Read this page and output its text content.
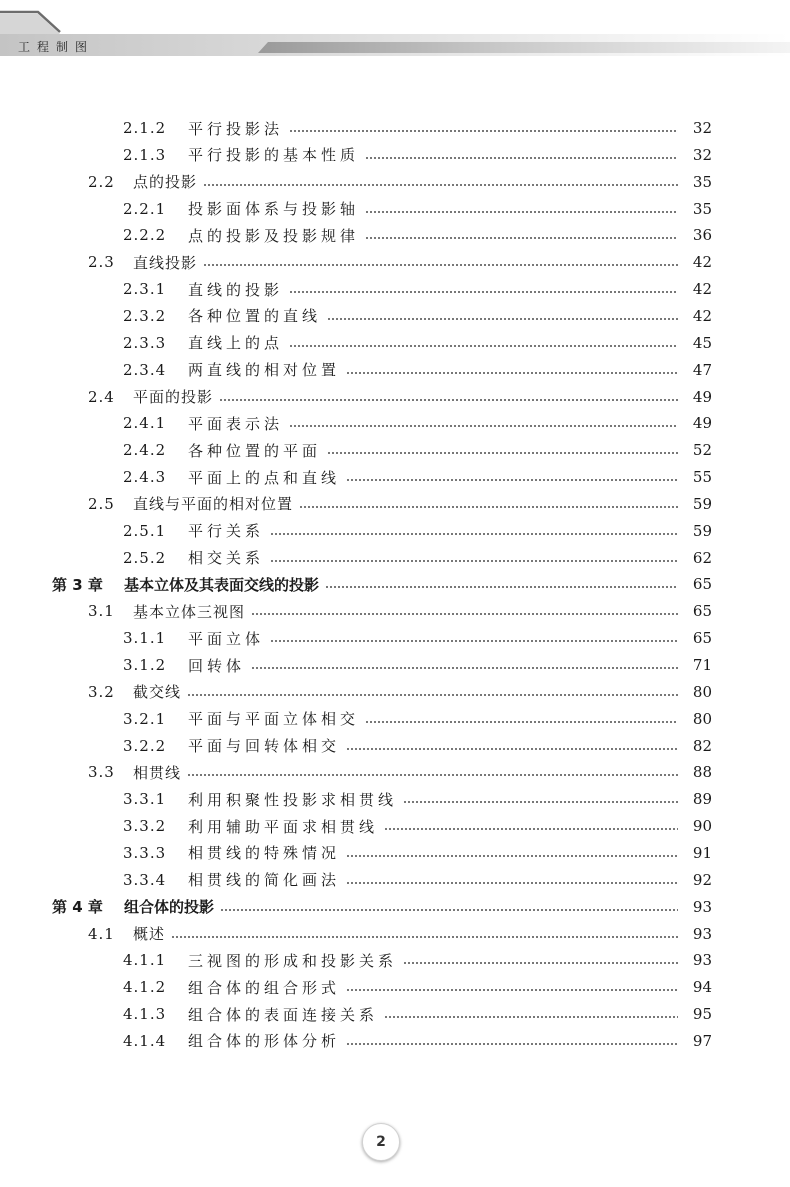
工程制图
2.1.2	平行投影法	32
2.1.3	平行投影的基本性质	32
2.2	点的投影	35
2.2.1	投影面体系与投影轴	35
2.2.2	点的投影及投影规律	36
2.3	直线投影	42
2.3.1	直线的投影	42
2.3.2	各种位置的直线	42
2.3.3	直线上的点	45
2.3.4	两直线的相对位置	47
2.4	平面的投影	49
2.4.1	平面表示法	49
2.4.2	各种位置的平面	52
2.4.3	平面上的点和直线	55
2.5	直线与平面的相对位置	59
2.5.1	平行关系	59
2.5.2	相交关系	62
第 3 章	基本立体及其表面交线的投影	65
3.1	基本立体三视图	65
3.1.1	平面立体	65
3.1.2	回转体	71
3.2	截交线	80
3.2.1	平面与平面立体相交	80
3.2.2	平面与回转体相交	82
3.3	相贯线	88
3.3.1	利用积聚性投影求相贯线	89
3.3.2	利用辅助平面求相贯线	90
3.3.3	相贯线的特殊情况	91
3.3.4	相贯线的简化画法	92
第 4 章	组合体的投影	93
4.1	概述	93
4.1.1	三视图的形成和投影关系	93
4.1.2	组合体的组合形式	94
4.1.3	组合体的表面连接关系	95
4.1.4	组合体的形体分析	97
2
